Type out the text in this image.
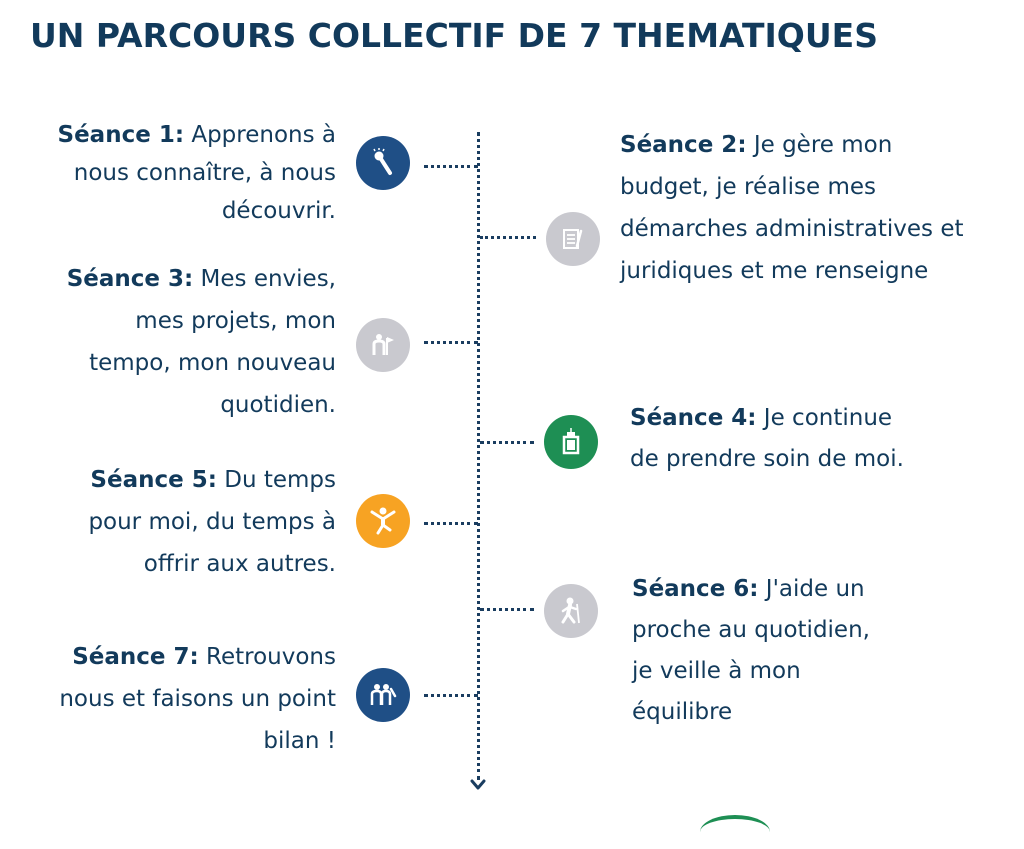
UN PARCOURS COLLECTIF DE 7 THEMATIQUES
Séance 1: Apprenons à nous connaître, à nous découvrir.
Séance 2: Je gère mon budget, je réalise mes démarches administratives et juridiques et me renseigne
Séance 3: Mes envies, mes projets, mon tempo, mon nouveau quotidien.	Séance 4: Je continue de prendre soin de moi.
Séance 5: Du temps pour moi, du temps à offrir aux autres.
Séance 6: J'aide un proche au quotidien, je veille à mon équilibre
Séance 7: Retrouvons nous et faisons un point bilan !
